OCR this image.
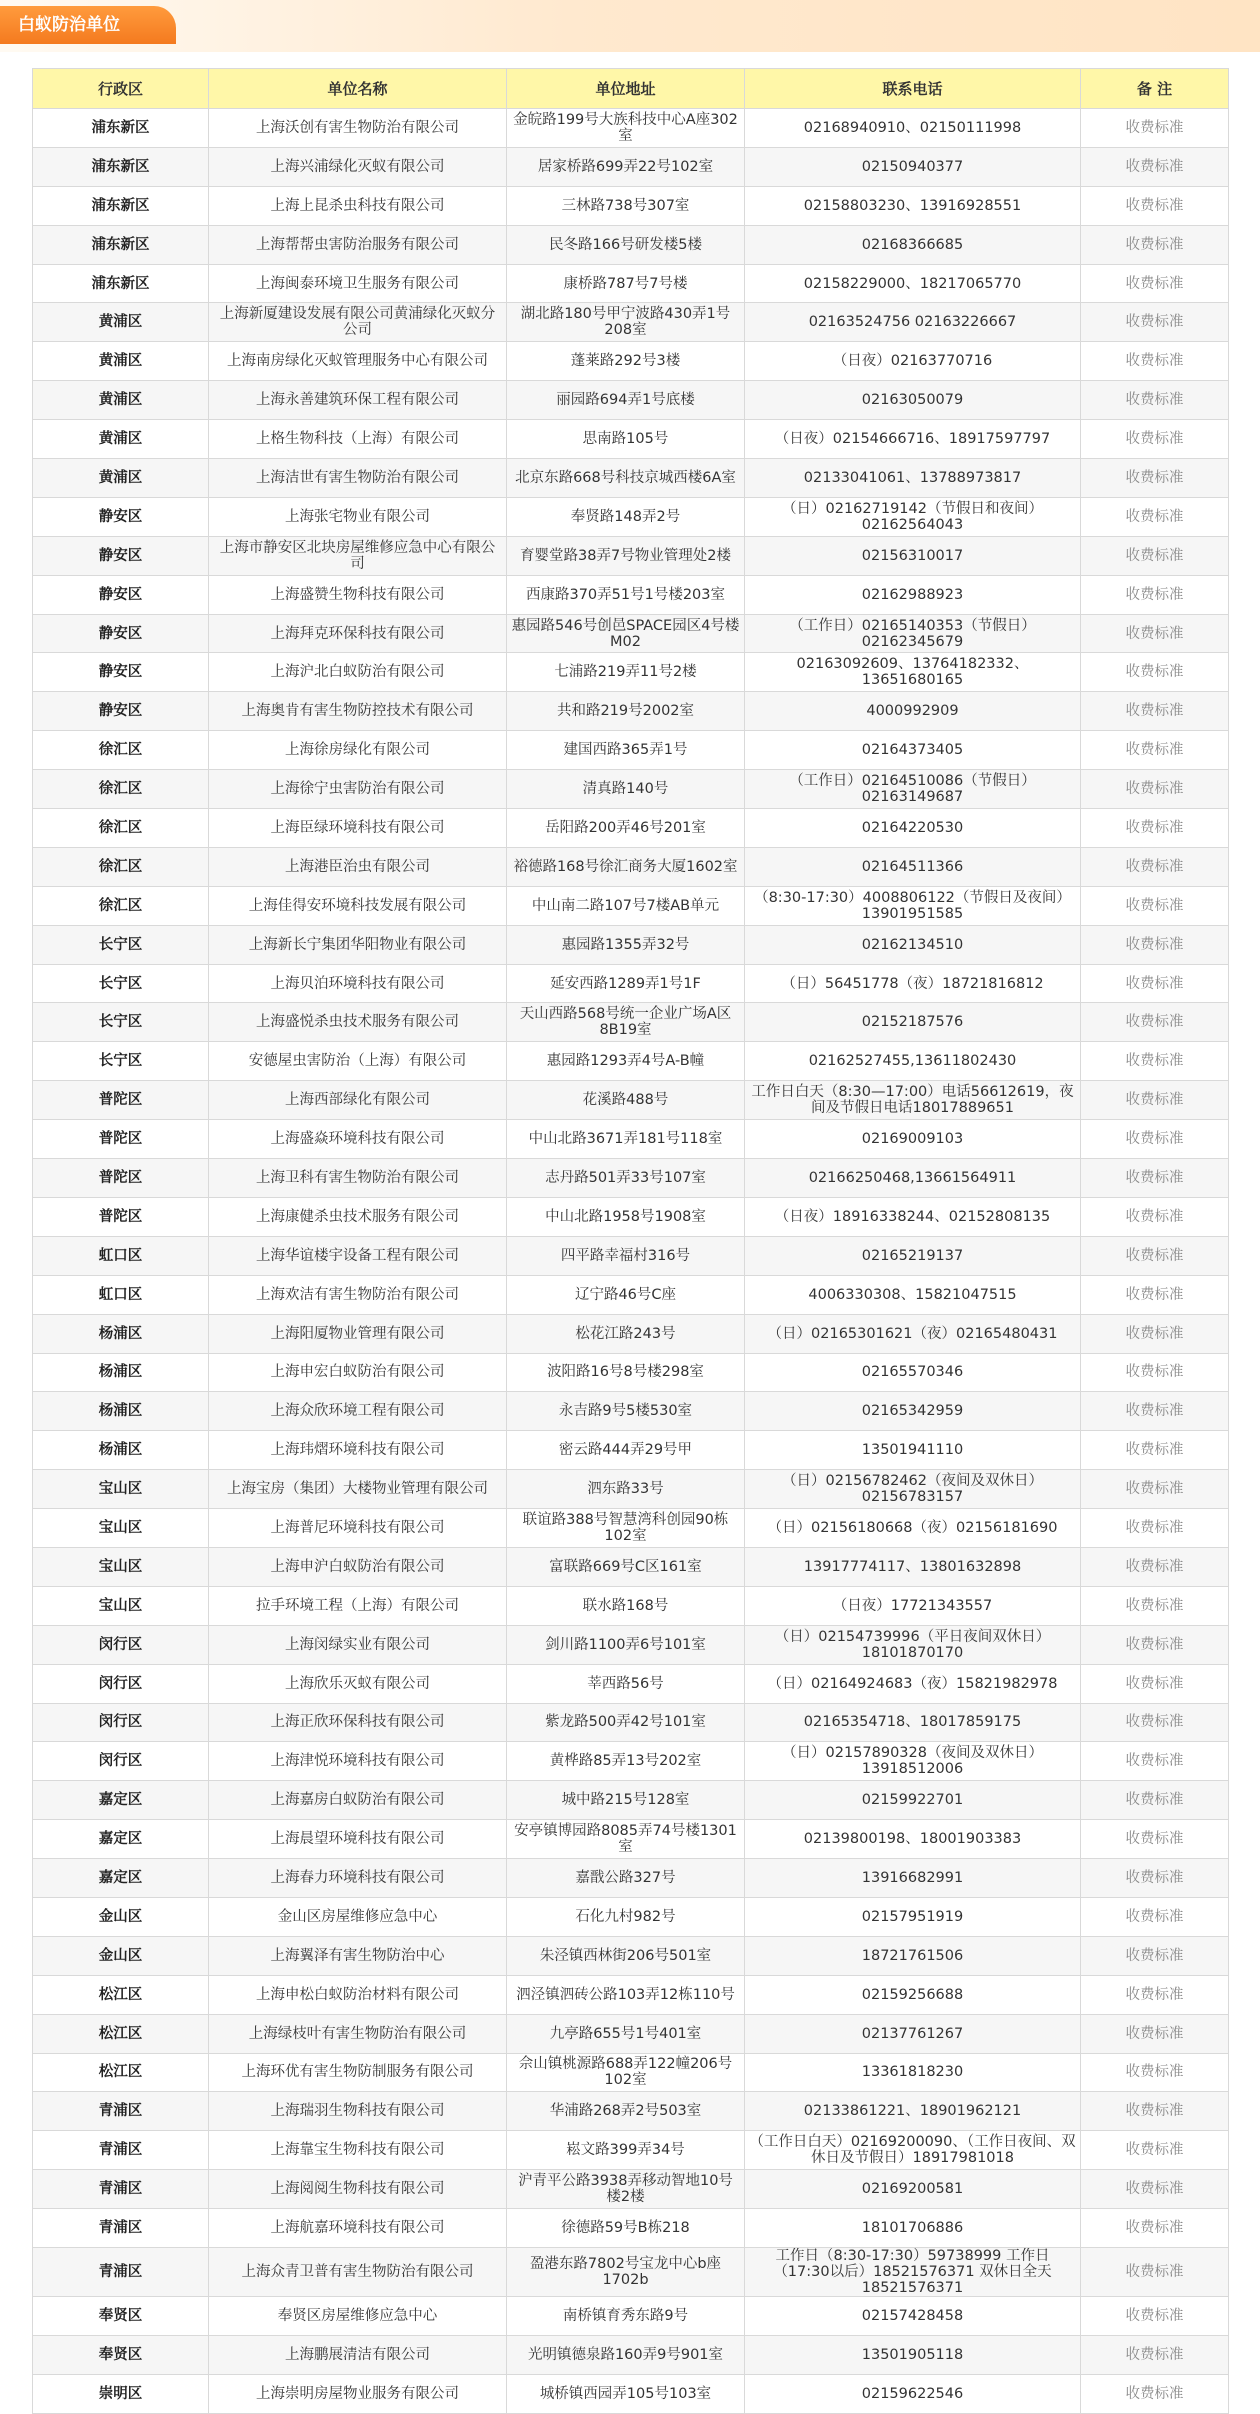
白蚁防治单位
行政区	单位名称	单位地址	联系电话	备 注
浦东新区	上海沃创有害生物防治有限公司	金皖路199号大族科技中心A座302室	02168940910、02150111998	收费标准
浦东新区	上海兴浦绿化灭蚁有限公司	居家桥路699弄22号102室	02150940377	收费标准
浦东新区	上海上昆杀虫科技有限公司	三林路738号307室	02158803230、13916928551	收费标准
浦东新区	上海帮帮虫害防治服务有限公司	民冬路166号研发楼5楼	02168366685	收费标准
浦东新区	上海闽泰环境卫生服务有限公司	康桥路787号7号楼	02158229000、18217065770	收费标准
黄浦区	上海新厦建设发展有限公司黄浦绿化灭蚁分公司	湖北路180号甲宁波路430弄1号208室	02163524756 02163226667	收费标准
黄浦区	上海南房绿化灭蚁管理服务中心有限公司	蓬莱路292号3楼	（日夜）02163770716	收费标准
黄浦区	上海永善建筑环保工程有限公司	丽园路694弄1号底楼	02163050079	收费标准
黄浦区	上格生物科技（上海）有限公司	思南路105号	（日夜）02154666716、18917597797	收费标准
黄浦区	上海洁世有害生物防治有限公司	北京东路668号科技京城西楼6A室	02133041061、13788973817	收费标准
静安区	上海张宅物业有限公司	奉贤路148弄2号	（日）02162719142（节假日和夜间）02162564043	收费标准
静安区	上海市静安区北块房屋维修应急中心有限公司	育婴堂路38弄7号物业管理处2楼	02156310017	收费标准
静安区	上海盛赞生物科技有限公司	西康路370弄51号1号楼203室	02162988923	收费标准
静安区	上海拜克环保科技有限公司	惠园路546号创邑SPACE园区4号楼M02	（工作日）02165140353（节假日）02162345679	收费标准
静安区	上海沪北白蚁防治有限公司	七浦路219弄11号2楼	02163092609、13764182332、13651680165	收费标准
静安区	上海奥肯有害生物防控技术有限公司	共和路219号2002室	4000992909	收费标准
徐汇区	上海徐房绿化有限公司	建国西路365弄1号	02164373405	收费标准
徐汇区	上海徐宁虫害防治有限公司	清真路140号	（工作日）02164510086（节假日）02163149687	收费标准
徐汇区	上海臣绿环境科技有限公司	岳阳路200弄46号201室	02164220530	收费标准
徐汇区	上海港臣治虫有限公司	裕德路168号徐汇商务大厦1602室	02164511366	收费标准
徐汇区	上海佳得安环境科技发展有限公司	中山南二路107号7楼AB单元	（8:30-17:30）4008806122（节假日及夜间）13901951585	收费标准
长宁区	上海新长宁集团华阳物业有限公司	惠园路1355弄32号	02162134510	收费标准
长宁区	上海贝泊环境科技有限公司	延安西路1289弄1号1F	（日）56451778（夜）18721816812	收费标准
长宁区	上海盛悦杀虫技术服务有限公司	天山西路568号统一企业广场A区8B19室	02152187576	收费标准
长宁区	安德屋虫害防治（上海）有限公司	惠园路1293弄4号A-B幢	02162527455,13611802430	收费标准
普陀区	上海西部绿化有限公司	花溪路488号	工作日白天（8:30—17:00）电话56612619，夜间及节假日电话18017889651	收费标准
普陀区	上海盛焱环境科技有限公司	中山北路3671弄181号118室	02169009103	收费标准
普陀区	上海卫科有害生物防治有限公司	志丹路501弄33号107室	02166250468,13661564911	收费标准
普陀区	上海康健杀虫技术服务有限公司	中山北路1958号1908室	（日夜）18916338244、02152808135	收费标准
虹口区	上海华谊楼宇设备工程有限公司	四平路幸福村316号	02165219137	收费标准
虹口区	上海欢洁有害生物防治有限公司	辽宁路46号C座	4006330308、15821047515	收费标准
杨浦区	上海阳厦物业管理有限公司	松花江路243号	（日）02165301621（夜）02165480431	收费标准
杨浦区	上海申宏白蚁防治有限公司	波阳路16号8号楼298室	02165570346	收费标准
杨浦区	上海众欣环境工程有限公司	永吉路9号5楼530室	02165342959	收费标准
杨浦区	上海玮熠环境科技有限公司	密云路444弄29号甲	13501941110	收费标准
宝山区	上海宝房（集团）大楼物业管理有限公司	泗东路33号	（日）02156782462（夜间及双休日）02156783157	收费标准
宝山区	上海普尼环境科技有限公司	联谊路388号智慧湾科创园90栋102室	（日）02156180668（夜）02156181690	收费标准
宝山区	上海申沪白蚁防治有限公司	富联路669号C区161室	13917774117、13801632898	收费标准
宝山区	拉手环境工程（上海）有限公司	联水路168号	（日夜）17721343557	收费标准
闵行区	上海闵绿实业有限公司	剑川路1100弄6号101室	（日）02154739996（平日夜间双休日）18101870170	收费标准
闵行区	上海欣乐灭蚁有限公司	莘西路56号	（日）02164924683（夜）15821982978	收费标准
闵行区	上海正欣环保科技有限公司	紫龙路500弄42号101室	02165354718、18017859175	收费标准
闵行区	上海津悦环境科技有限公司	黄桦路85弄13号202室	（日）02157890328（夜间及双休日）13918512006	收费标准
嘉定区	上海嘉房白蚁防治有限公司	城中路215号128室	02159922701	收费标准
嘉定区	上海晨望环境科技有限公司	安亭镇博园路8085弄74号楼1301室	02139800198、18001903383	收费标准
嘉定区	上海春力环境科技有限公司	嘉戬公路327号	13916682991	收费标准
金山区	金山区房屋维修应急中心	石化九村982号	02157951919	收费标准
金山区	上海翼泽有害生物防治中心	朱泾镇西林街206号501室	18721761506	收费标准
松江区	上海申松白蚁防治材料有限公司	泗泾镇泗砖公路103弄12栋110号	02159256688	收费标准
松江区	上海绿枝叶有害生物防治有限公司	九亭路655号1号401室	02137761267	收费标准
松江区	上海环优有害生物防制服务有限公司	佘山镇桃源路688弄122幢206号102室	13361818230	收费标准
青浦区	上海瑞羽生物科技有限公司	华浦路268弄2号503室	02133861221、18901962121	收费标准
青浦区	上海靠宝生物科技有限公司	崧文路399弄34号	（工作日白天）02169200090、（工作日夜间、双休日及节假日）18917981018	收费标准
青浦区	上海阅阅生物科技有限公司	沪青平公路3938弄移动智地10号楼2楼	02169200581	收费标准
青浦区	上海航嘉环境科技有限公司	徐德路59号B栋218	18101706886	收费标准
青浦区	上海众青卫普有害生物防治有限公司	盈港东路7802号宝龙中心b座1702b	工作日（8:30-17:30）59738999 工作日（17:30以后）18521576371 双休日全天 18521576371	收费标准
奉贤区	奉贤区房屋维修应急中心	南桥镇育秀东路9号	02157428458	收费标准
奉贤区	上海鹏展清洁有限公司	光明镇德泉路160弄9号901室	13501905118	收费标准
崇明区	上海崇明房屋物业服务有限公司	城桥镇西园弄105号103室	02159622546	收费标准
